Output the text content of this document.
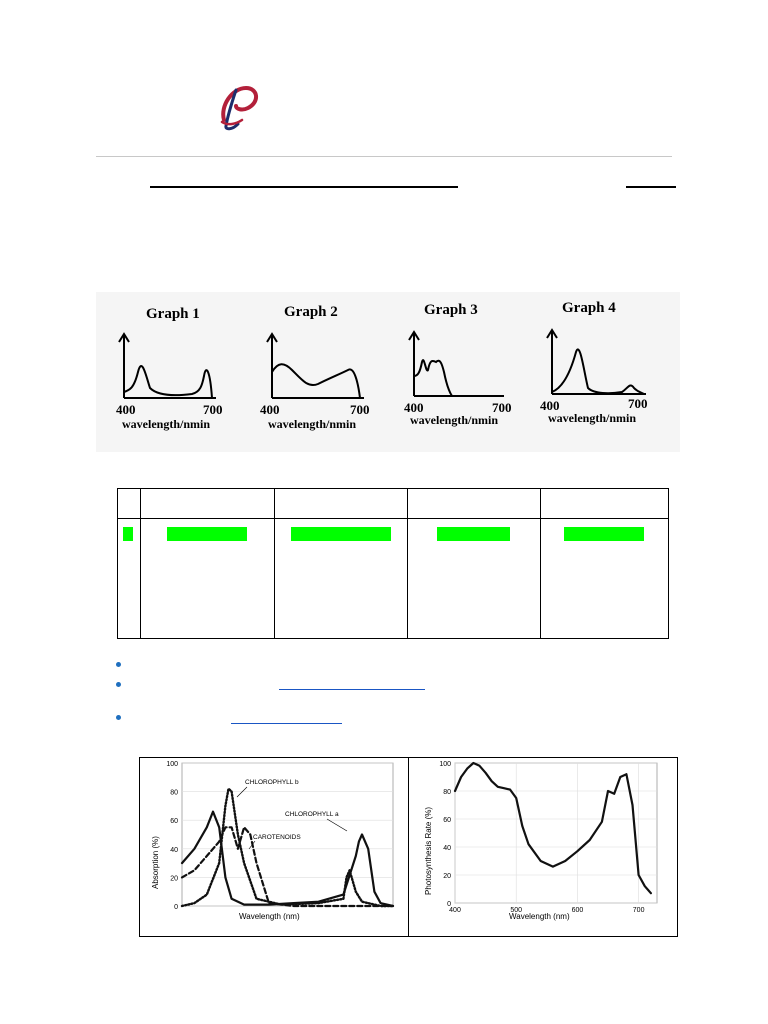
Graph 1
400	700
wavelength/nmin
Graph 2
400	700
wavelength/nmin
Graph 3
400	700
wavelength/nmin
Graph 4
400	700
wavelength/nmin

0
20
40
60
80
100
Wavelength (nm)
Absorption (%)
CHLOROPHYLL b
CHLOROPHYLL a
CAROTENOIDS
0
20
40
60
80
100
400	500	600	700
Wavelength (nm)
Photosynthesis Rate (%)
